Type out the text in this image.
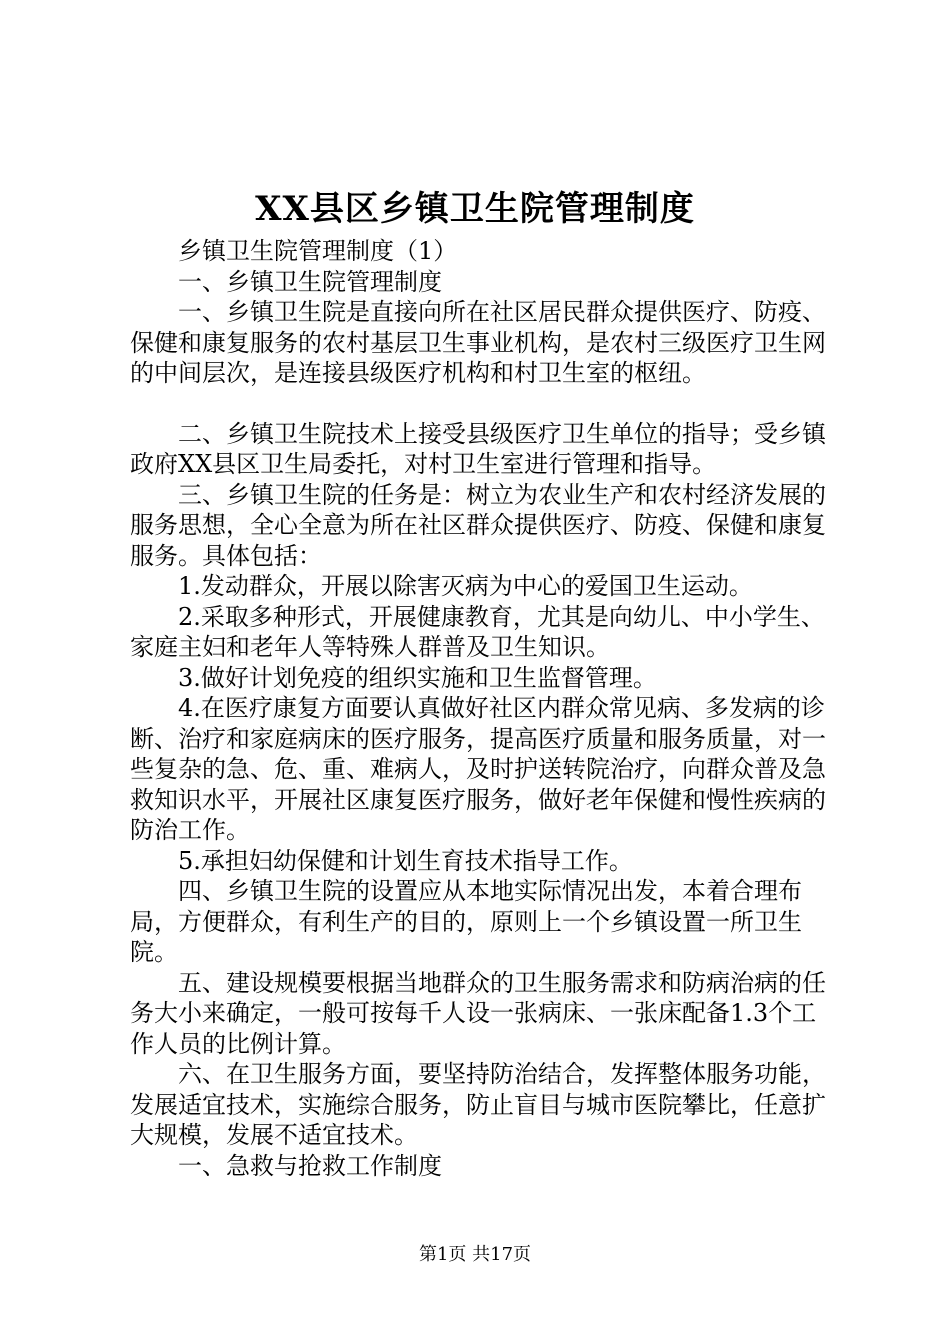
XX县区乡镇卫生院管理制度

乡镇卫生院管理制度（1）

一、乡镇卫生院管理制度

一、乡镇卫生院是直接向所在社区居民群众提供医疗、防疫、保健和康复服务的农村基层卫生事业机构，是农村三级医疗卫生网的中间层次，是连接县级医疗机构和村卫生室的枢纽。

二、乡镇卫生院技术上接受县级医疗卫生单位的指导；受乡镇政府XX县区卫生局委托，对村卫生室进行管理和指导。

三、乡镇卫生院的任务是：树立为农业生产和农村经济发展的服务思想，全心全意为所在社区群众提供医疗、防疫、保健和康复服务。具体包括：

1.发动群众，开展以除害灭病为中心的爱国卫生运动。

2.采取多种形式，开展健康教育，尤其是向幼儿、中小学生、家庭主妇和老年人等特殊人群普及卫生知识。

3.做好计划免疫的组织实施和卫生监督管理。

4.在医疗康复方面要认真做好社区内群众常见病、多发病的诊断、治疗和家庭病床的医疗服务，提高医疗质量和服务质量，对一些复杂的急、危、重、难病人，及时护送转院治疗，向群众普及急救知识水平，开展社区康复医疗服务，做好老年保健和慢性疾病的防治工作。

5.承担妇幼保健和计划生育技术指导工作。

四、乡镇卫生院的设置应从本地实际情况出发，本着合理布局，方便群众，有利生产的目的，原则上一个乡镇设置一所卫生院。

五、建设规模要根据当地群众的卫生服务需求和防病治病的任务大小来确定，一般可按每千人设一张病床、一张床配备1.3个工作人员的比例计算。

六、在卫生服务方面，要坚持防治结合，发挥整体服务功能，发展适宜技术，实施综合服务，防止盲目与城市医院攀比，任意扩大规模，发展不适宜技术。

一、急救与抢救工作制度

第1页 共17页
